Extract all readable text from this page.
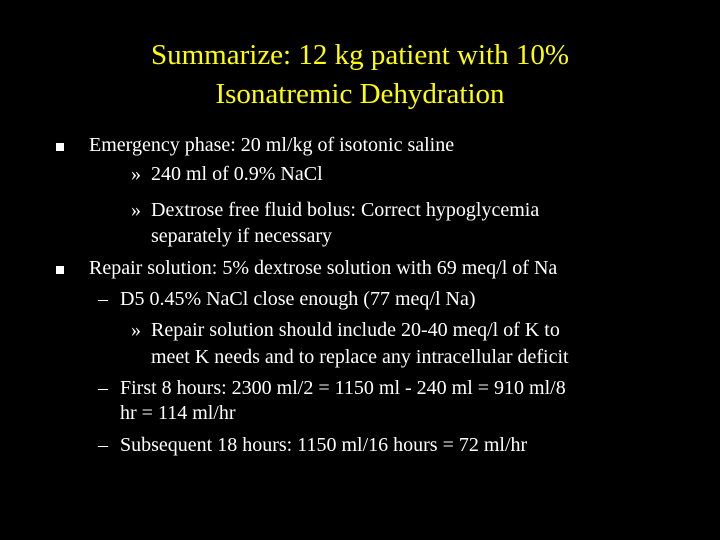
Summarize: 12 kg patient with 10%
Isonatremic Dehydration
Emergency phase: 20 ml/kg of isotonic saline
» 240 ml of 0.9% NaCl
» Dextrose free fluid bolus: Correct hypoglycemia
separately if necessary
Repair solution: 5% dextrose solution with 69 meq/l of Na
– D5 0.45% NaCl close enough (77 meq/l Na)
» Repair solution should include 20-40 meq/l of K to
meet K needs and to replace any intracellular deficit
– First 8 hours: 2300 ml/2 = 1150 ml - 240 ml = 910 ml/8
hr = 114 ml/hr
– Subsequent 18 hours: 1150 ml/16 hours = 72 ml/hr
